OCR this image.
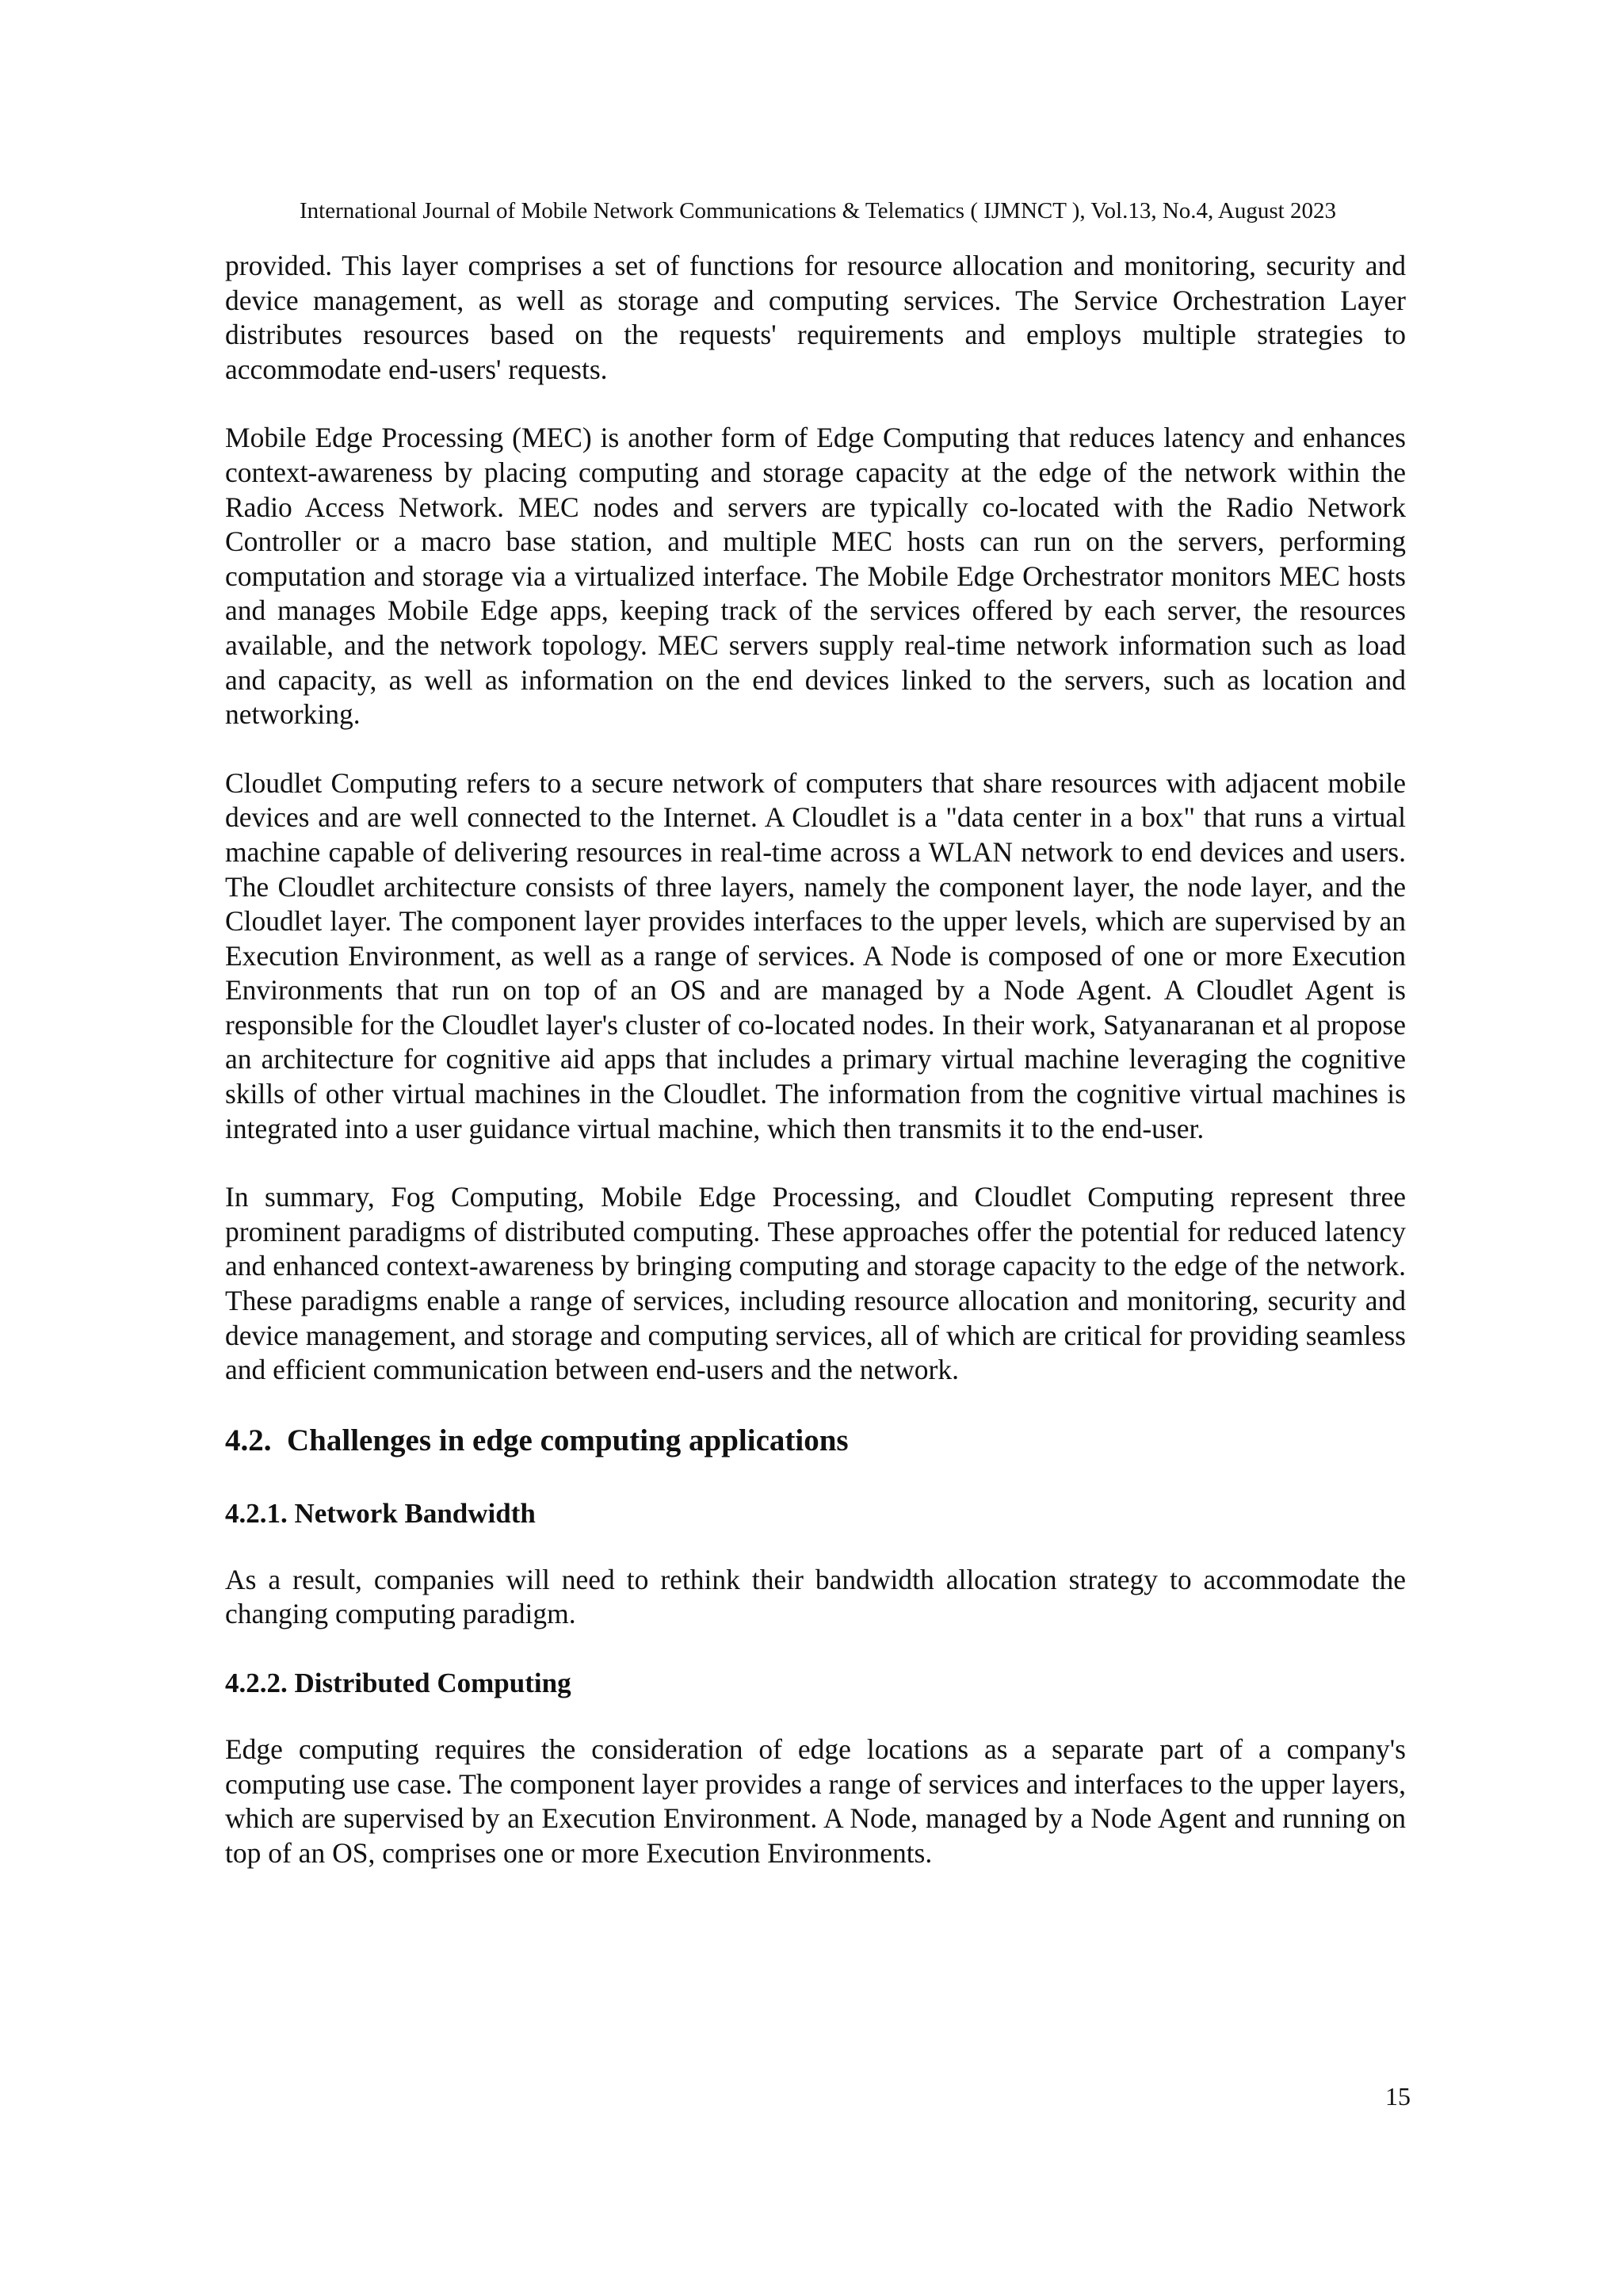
International Journal of Mobile Network Communications & Telematics ( IJMNCT ), Vol.13, No.4, August 2023

provided. This layer comprises a set of functions for resource allocation and monitoring, security and device management, as well as storage and computing services. The Service Orchestration Layer distributes resources based on the requests' requirements and employs multiple strategies to accommodate end-users' requests.

Mobile Edge Processing (MEC) is another form of Edge Computing that reduces latency and enhances context-awareness by placing computing and storage capacity at the edge of the network within the Radio Access Network. MEC nodes and servers are typically co-located with the Radio Network Controller or a macro base station, and multiple MEC hosts can run on the servers, performing computation and storage via a virtualized interface. The Mobile Edge Orchestrator monitors MEC hosts and manages Mobile Edge apps, keeping track of the services offered by each server, the resources available, and the network topology. MEC servers supply real-time network information such as load and capacity, as well as information on the end devices linked to the servers, such as location and networking.

Cloudlet Computing refers to a secure network of computers that share resources with adjacent mobile devices and are well connected to the Internet. A Cloudlet is a "data center in a box" that runs a virtual machine capable of delivering resources in real-time across a WLAN network to end devices and users. The Cloudlet architecture consists of three layers, namely the component layer, the node layer, and the Cloudlet layer. The component layer provides interfaces to the upper levels, which are supervised by an Execution Environment, as well as a range of services. A Node is composed of one or more Execution Environments that run on top of an OS and are managed by a Node Agent. A Cloudlet Agent is responsible for the Cloudlet layer's cluster of co-located nodes. In their work, Satyanaranan et al propose an architecture for cognitive aid apps that includes a primary virtual machine leveraging the cognitive skills of other virtual machines in the Cloudlet. The information from the cognitive virtual machines is integrated into a user guidance virtual machine, which then transmits it to the end-user.

In summary, Fog Computing, Mobile Edge Processing, and Cloudlet Computing represent three prominent paradigms of distributed computing. These approaches offer the potential for reduced latency and enhanced context-awareness by bringing computing and storage capacity to the edge of the network. These paradigms enable a range of services, including resource allocation and monitoring, security and device management, and storage and computing services, all of which are critical for providing seamless and efficient communication between end-users and the network.

4.2. Challenges in edge computing applications
4.2.1. Network Bandwidth

As a result, companies will need to rethink their bandwidth allocation strategy to accommodate the changing computing paradigm.

4.2.2. Distributed Computing

Edge computing requires the consideration of edge locations as a separate part of a company's computing use case. The component layer provides a range of services and interfaces to the upper layers, which are supervised by an Execution Environment. A Node, managed by a Node Agent and running on top of an OS, comprises one or more Execution Environments.

15
